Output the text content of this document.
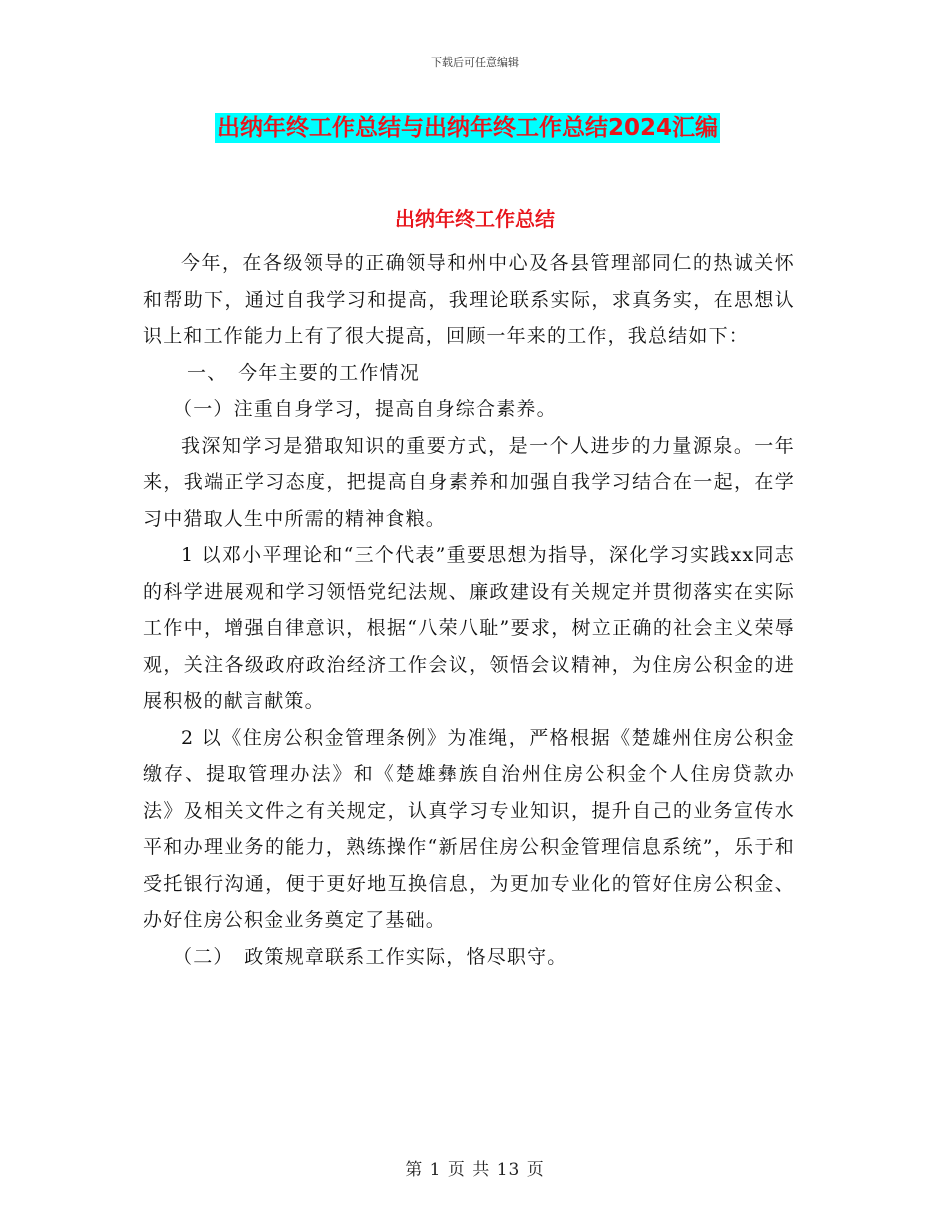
下载后可任意编辑
出纳年终工作总结与出纳年终工作总结2024汇编
出纳年终工作总结

今年，在各级领导的正确领导和州中心及各县管理部同仁的热诚关怀和帮助下，通过自我学习和提高，我理论联系实际，求真务实，在思想认识上和工作能力上有了很大提高，回顾一年来的工作，我总结如下：

一、　今年主要的工作情况

（一）注重自身学习，提高自身综合素养。

我深知学习是猎取知识的重要方式，是一个人进步的力量源泉。一年来，我端正学习态度，把提高自身素养和加强自我学习结合在一起，在学习中猎取人生中所需的精神食粮。

1 以邓小平理论和“三个代表”重要思想为指导，深化学习实践xx同志的科学进展观和学习领悟党纪法规、廉政建设有关规定并贯彻落实在实际工作中，增强自律意识，根据“八荣八耻”要求，树立正确的社会主义荣辱观，关注各级政府政治经济工作会议，领悟会议精神，为住房公积金的进展积极的献言献策。

2 以《住房公积金管理条例》为准绳，严格根据《楚雄州住房公积金缴存、提取管理办法》和《楚雄彝族自治州住房公积金个人住房贷款办法》及相关文件之有关规定，认真学习专业知识，提升自己的业务宣传水平和办理业务的能力，熟练操作“新居住房公积金管理信息系统”，乐于和受托银行沟通，便于更好地互换信息，为更加专业化的管好住房公积金、办好住房公积金业务奠定了基础。

（二）　政策规章联系工作实际，恪尽职守。

第 1 页 共 13 页
